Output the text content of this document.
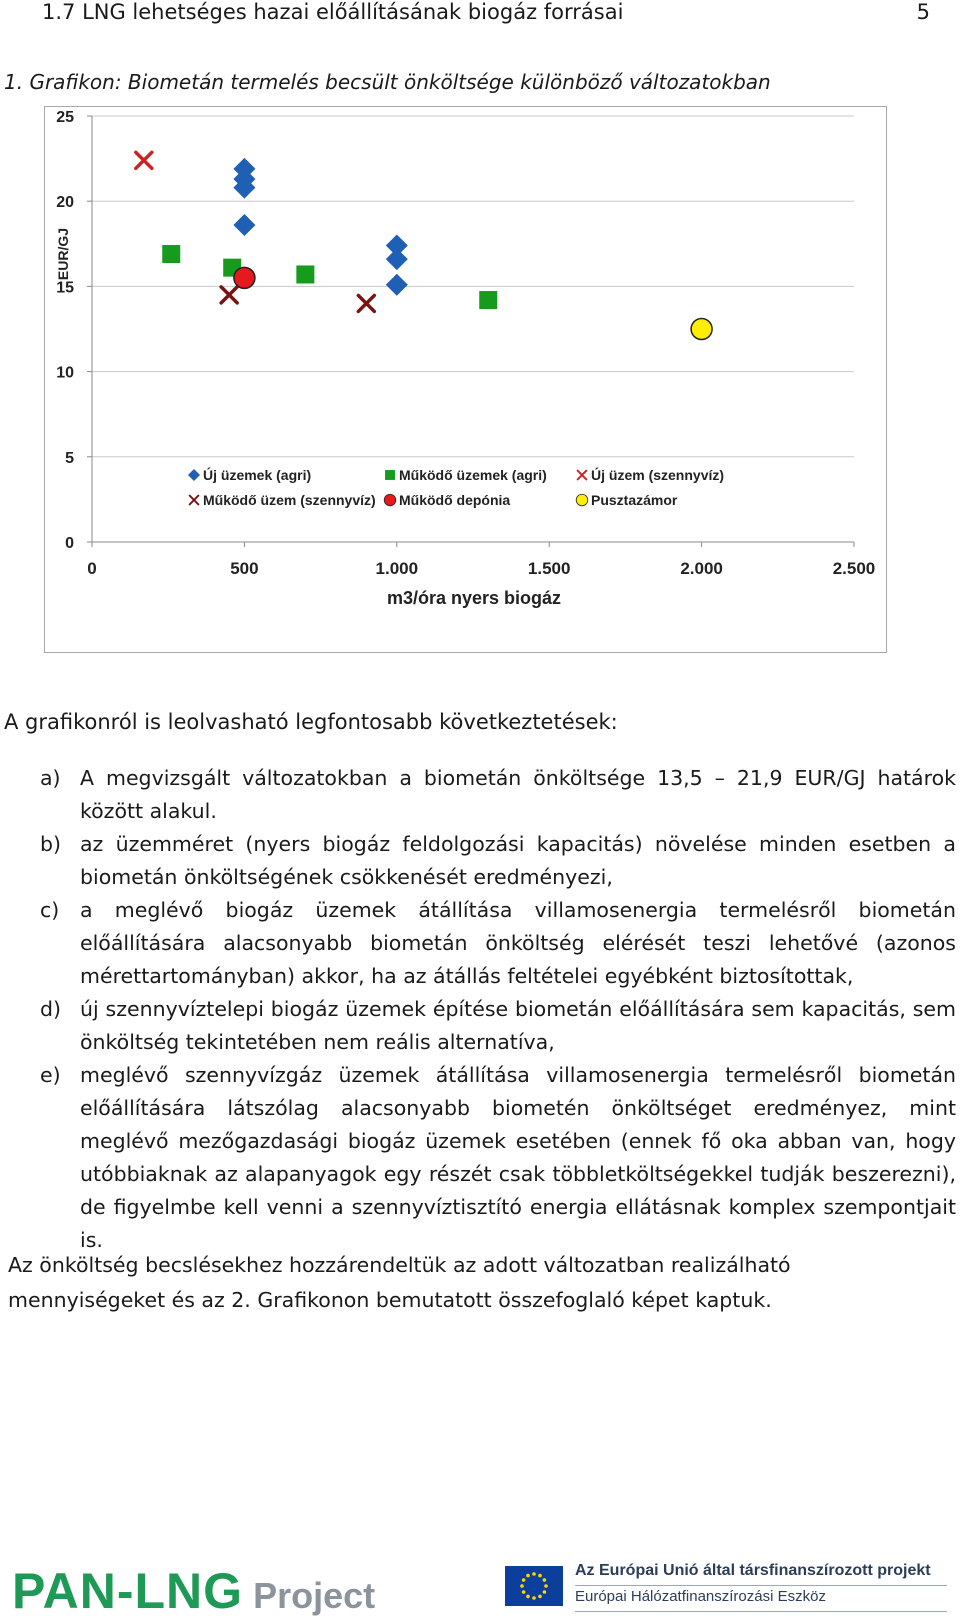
1.7 LNG lehetséges hazai előállításának biogáz forrásai	5
1. Grafikon: Biometán termelés becsült önköltsége különböző változatokban
0
5
10
15
20
25
0	500	1.000	1.500	2.000	2.500
EUR/GJ
m3/óra nyers biogáz
Új üzemek (agri)	Működő üzemek (agri)	Új üzem (szennyvíz)
Működő üzem (szennyvíz) Működő depónia	Pusztazámor
A grafikonról is leolvasható legfontosabb következtetések:
a) A megvizsgált változatokban a biometán önköltsége 13,5 – 21,9 EUR/GJ határok között alakul.
b) az üzemméret (nyers biogáz feldolgozási kapacitás) növelése minden esetben a biometán önköltségének csökkenését eredményezi,
c) a meglévő biogáz üzemek átállítása villamosenergia termelésről biometán előállítására alacsonyabb biometán önköltség elérését teszi lehetővé (azonos mérettartományban) akkor, ha az átállás feltételei egyébként biztosítottak,
d) új szennyvíztelepi biogáz üzemek építése biometán előállítására sem kapacitás, sem önköltség tekintetében nem reális alternatíva,
e) meglévő szennyvízgáz üzemek átállítása villamosenergia termelésről biometán előállítására látszólag alacsonyabb biometén önköltséget eredményez, mint meglévő mezőgazdasági biogáz üzemek esetében (ennek fő oka abban van, hogy utóbbiaknak az alapanyagok egy részét csak többletköltségekkel tudják beszerezni), de figyelmbe kell venni a szennyvíztisztító energia ellátásnak komplex szempontjait is.
Az önköltség becslésekhez hozzárendeltük az adott változatban realizálható mennyiségeket és az 2. Grafikonon bemutatott összefoglaló képet kaptuk.
PAN-LNG Project
Az Európai Unió által társfinanszírozott projekt
Európai Hálózatfinanszírozási Eszköz
